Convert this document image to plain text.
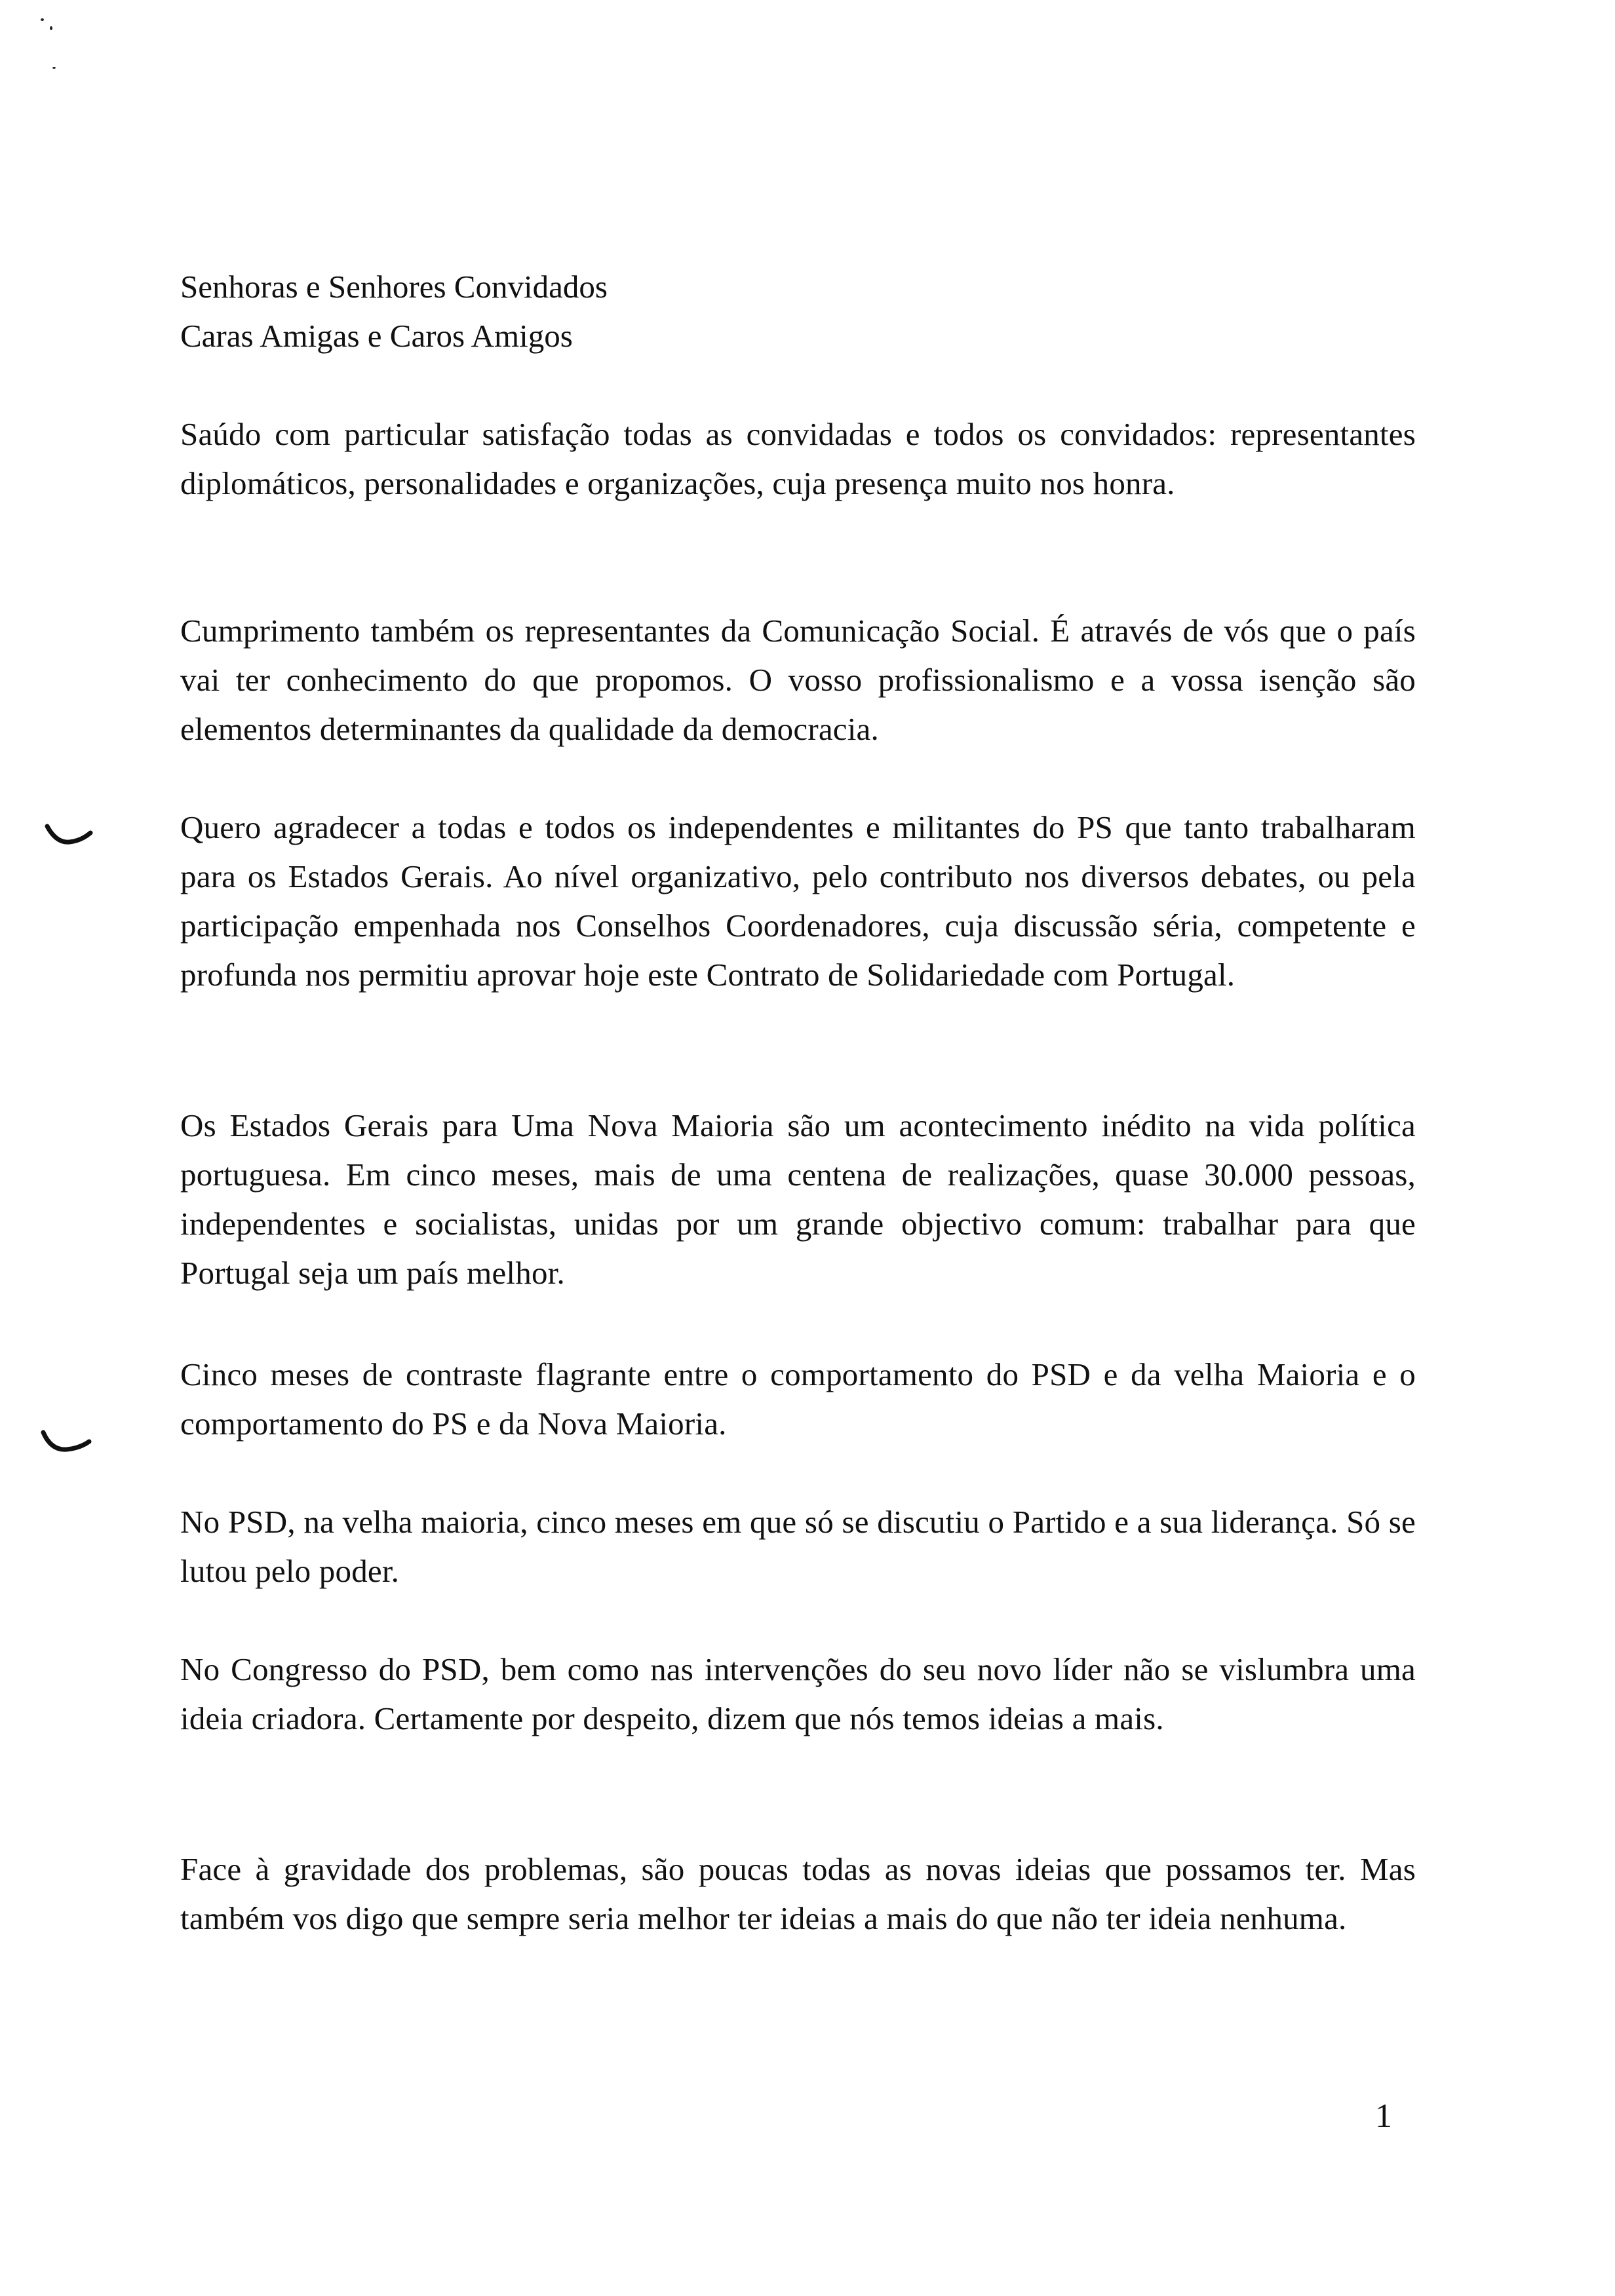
Senhoras e Senhores Convidados

Caras Amigas e Caros Amigos

Saúdo com particular satisfação todas as convidadas e todos os convidados: representantes diplomáticos, personalidades e organizações, cuja presença muito nos honra.

Cumprimento também os representantes da Comunicação Social. É através de vós que o país vai ter conhecimento do que propomos. O vosso profissionalismo e a vossa isenção são elementos determinantes da qualidade da democracia.

Quero agradecer a todas e todos os independentes e militantes do PS que tanto trabalharam para os Estados Gerais. Ao nível organizativo, pelo contributo nos diversos debates, ou pela participação empenhada nos Conselhos Coordenadores, cuja discussão séria, competente e profunda nos permitiu aprovar hoje este Contrato de Solidariedade com Portugal.

Os Estados Gerais para Uma Nova Maioria são um acontecimento inédito na vida política portuguesa. Em cinco meses, mais de uma centena de realizações, quase 30.000 pessoas, independentes e socialistas, unidas por um grande objectivo comum: trabalhar para que Portugal seja um país melhor.

Cinco meses de contraste flagrante entre o comportamento do PSD e da velha Maioria e o comportamento do PS e da Nova Maioria.

No PSD, na velha maioria, cinco meses em que só se discutiu o Partido e a sua liderança. Só se lutou pelo poder.

No Congresso do PSD, bem como nas intervenções do seu novo líder não se vislumbra uma ideia criadora. Certamente por despeito, dizem que nós temos ideias a mais.

Face à gravidade dos problemas, são poucas todas as novas ideias que possamos ter. Mas também vos digo que sempre seria melhor ter ideias a mais do que não ter ideia nenhuma.

1
